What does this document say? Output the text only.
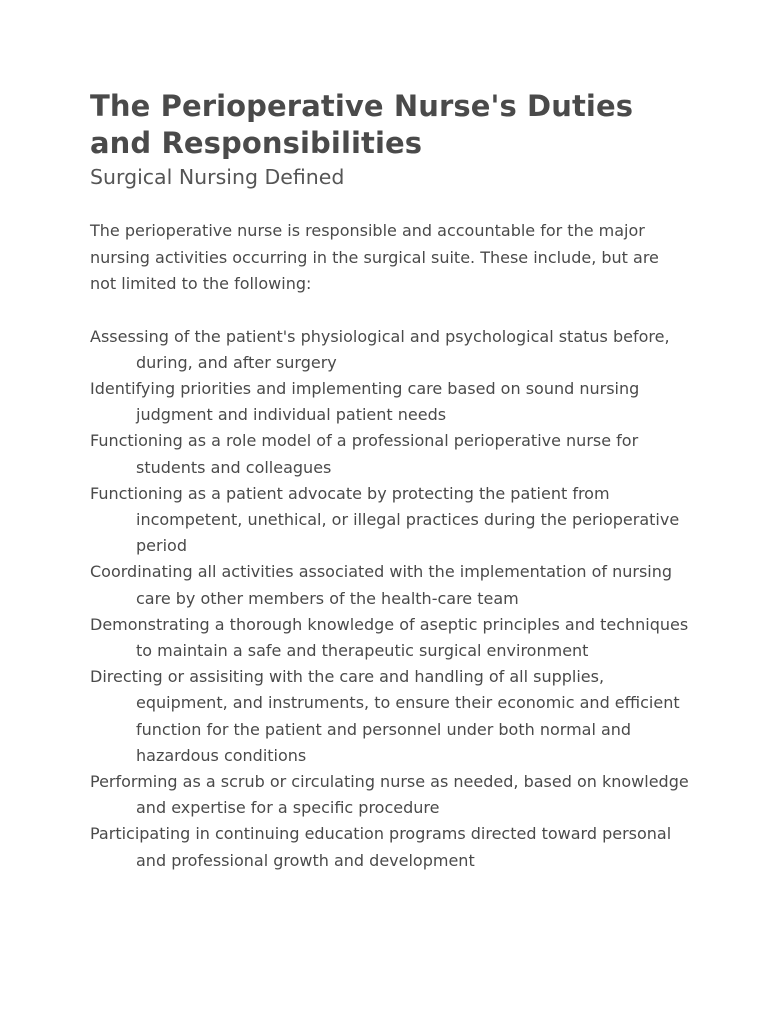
The Perioperative Nurse's Duties and Responsibilities
Surgical Nursing Defined

The perioperative nurse is responsible and accountable for the major nursing activities occurring in the surgical suite. These include, but are not limited to the following:

Assessing of the patient's physiological and psychological status before, during, and after surgery
Identifying priorities and implementing care based on sound nursing judgment and individual patient needs
Functioning as a role model of a professional perioperative nurse for students and colleagues
Functioning as a patient advocate by protecting the patient from incompetent, unethical, or illegal practices during the perioperative period
Coordinating all activities associated with the implementation of nursing care by other members of the health-care team
Demonstrating a thorough knowledge of aseptic principles and techniques to maintain a safe and therapeutic surgical environment
Directing or assisiting with the care and handling of all supplies, equipment, and instruments, to ensure their economic and efficient function for the patient and personnel under both normal and hazardous conditions
Performing as a scrub or circulating nurse as needed, based on knowledge and expertise for a specific procedure
Participating in continuing education programs directed toward personal and professional growth and development
